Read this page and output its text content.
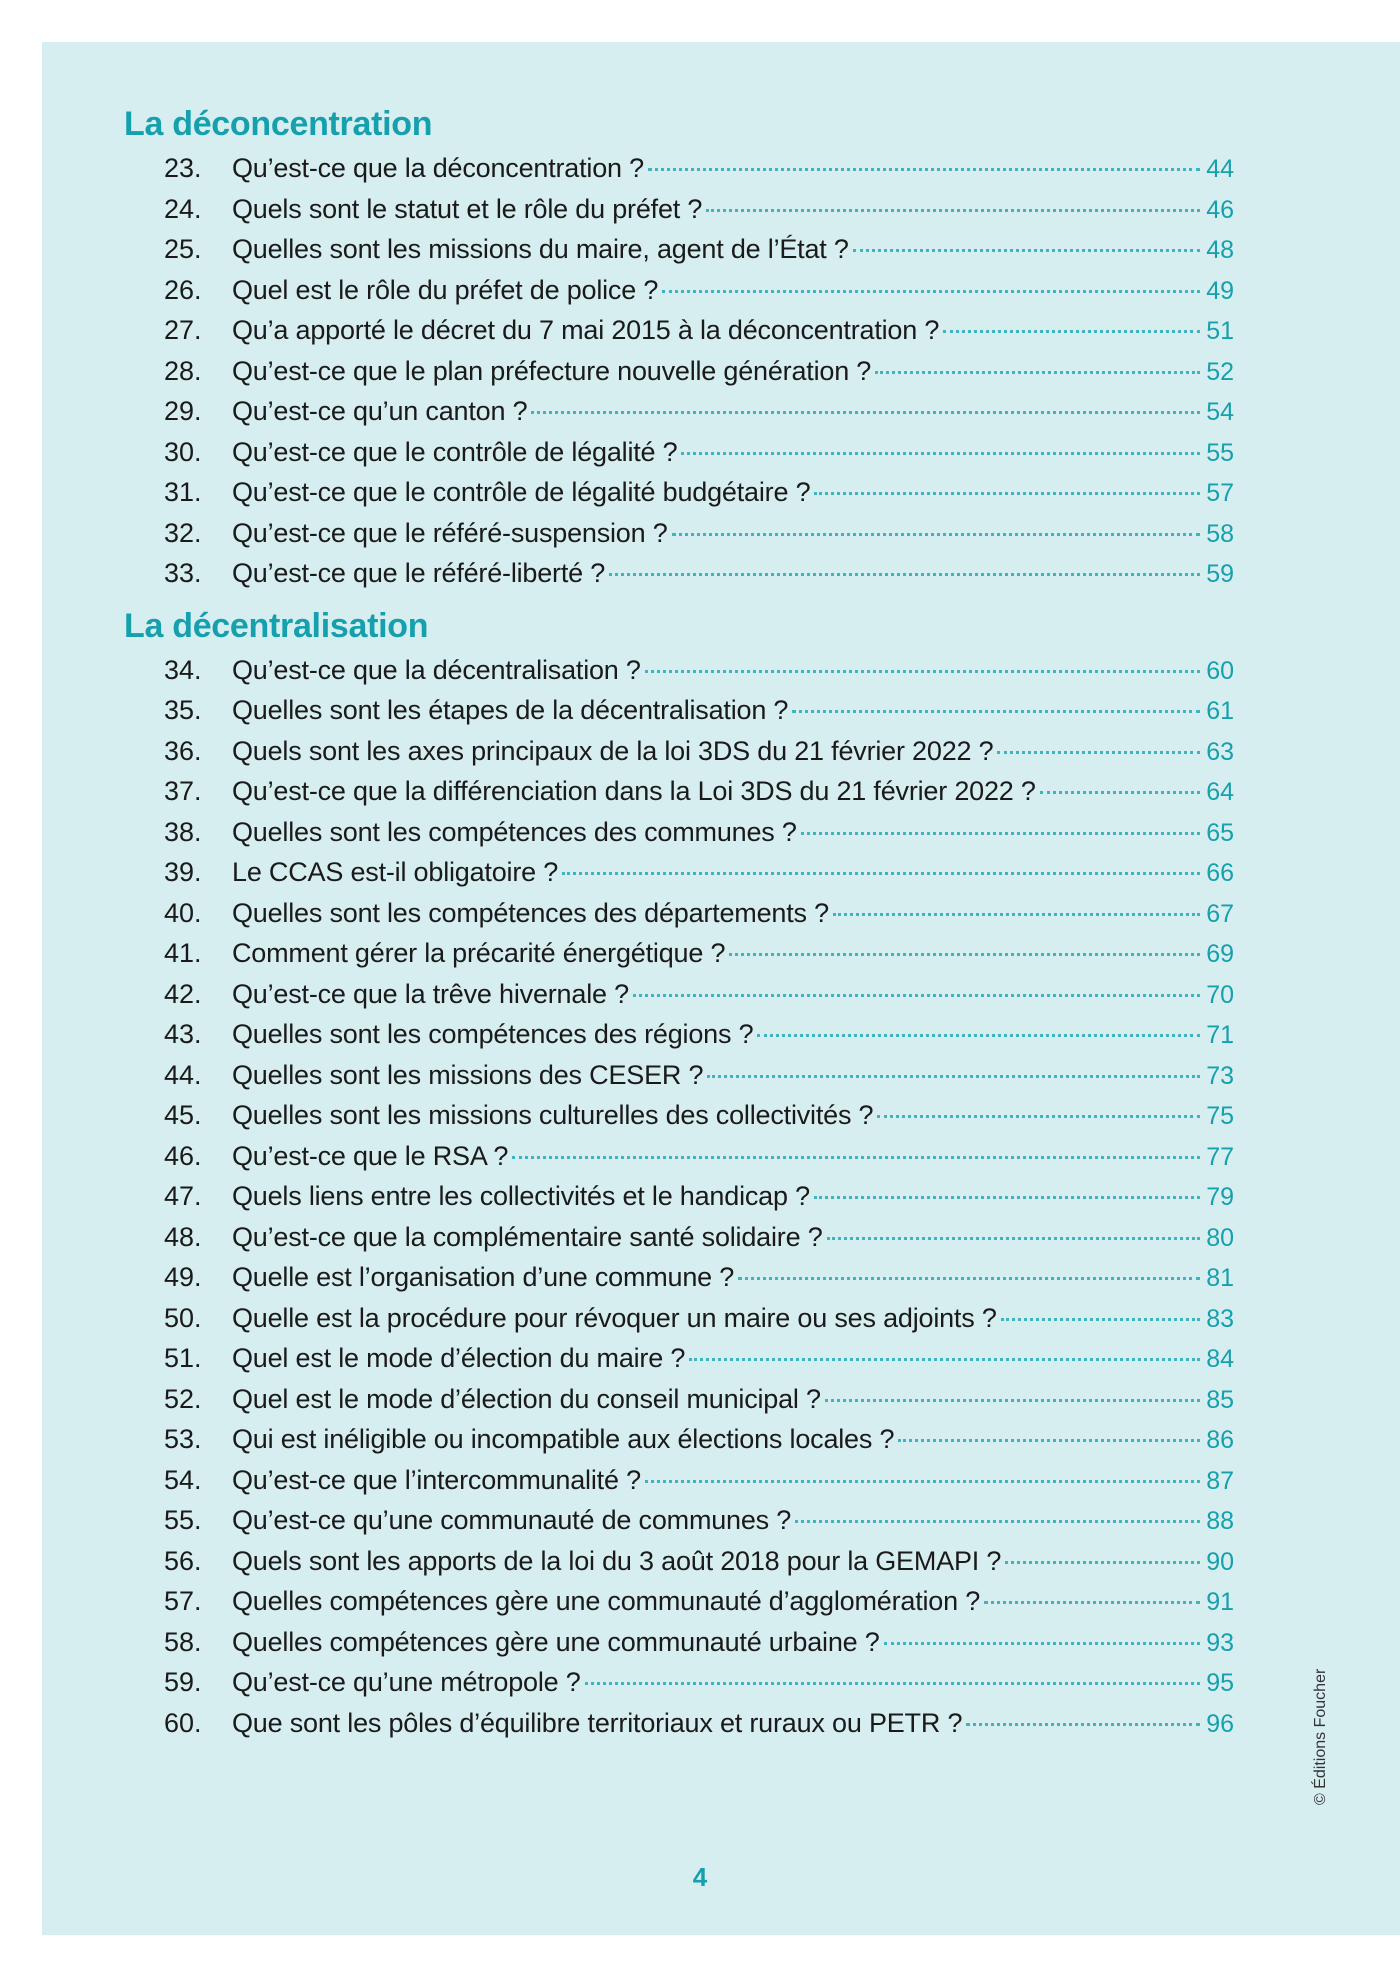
La déconcentration
23.	Qu’est-ce que la déconcentration ?	44
24.	Quels sont le statut et le rôle du préfet ?	46
25.	Quelles sont les missions du maire, agent de l’État ?	48
26.	Quel est le rôle du préfet de police ?	49
27.	Qu’a apporté le décret du 7 mai 2015 à la déconcentration ?	51
28.	Qu’est-ce que le plan préfecture nouvelle génération ?	52
29.	Qu’est-ce qu’un canton ?	54
30.	Qu’est-ce que le contrôle de légalité ?	55
31.	Qu’est-ce que le contrôle de légalité budgétaire ?	57
32.	Qu’est-ce que le référé-suspension ?	58
33.	Qu’est-ce que le référé-liberté ?	59
La décentralisation
34.	Qu’est-ce que la décentralisation ?	60
35.	Quelles sont les étapes de la décentralisation ?	61
36.	Quels sont les axes principaux de la loi 3DS du 21 février 2022 ?	63
37.	Qu’est-ce que la différenciation dans la Loi 3DS du 21 février 2022 ?	64
38.	Quelles sont les compétences des communes ?	65
39.	Le CCAS est-il obligatoire ?	66
40.	Quelles sont les compétences des départements ?	67
41.	Comment gérer la précarité énergétique ?	69
42.	Qu’est-ce que la trêve hivernale ?	70
43.	Quelles sont les compétences des régions ?	71
44.	Quelles sont les missions des CESER ?	73
45.	Quelles sont les missions culturelles des collectivités ?	75
46.	Qu’est-ce que le RSA ?	77
47.	Quels liens entre les collectivités et le handicap ?	79
48.	Qu’est-ce que la complémentaire santé solidaire ?	80
49.	Quelle est l’organisation d’une commune ?	81
50.	Quelle est la procédure pour révoquer un maire ou ses adjoints ?	83
51.	Quel est le mode d’élection du maire ?	84
52.	Quel est le mode d’élection du conseil municipal ?	85
53.	Qui est inéligible ou incompatible aux élections locales ?	86
54.	Qu’est-ce que l’intercommunalité ?	87
55.	Qu’est-ce qu’une communauté de communes ?	88
56.	Quels sont les apports de la loi du 3 août 2018 pour la GEMAPI ?	90
57.	Quelles compétences gère une communauté d’agglomération ?	91
58.	Quelles compétences gère une communauté urbaine ?	93
59.	Qu’est-ce qu’une métropole ?	95
60.	Que sont les pôles d’équilibre territoriaux et ruraux ou PETR ?	96
4
© Éditions Foucher
